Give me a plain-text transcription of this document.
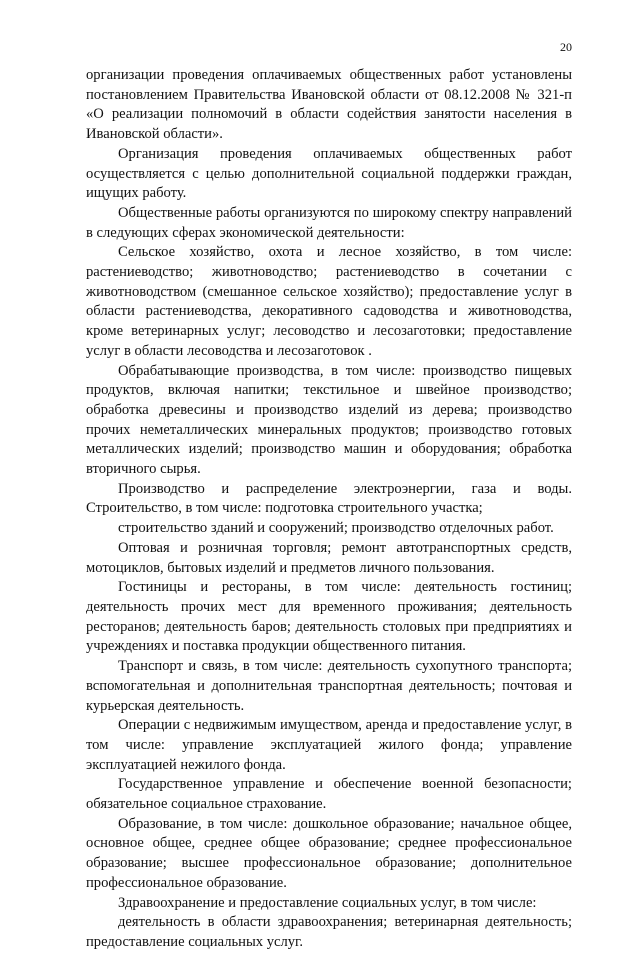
20

организации проведения оплачиваемых общественных работ установлены постановлением Правительства Ивановской области от 08.12.2008 № 321-п «О реализации полномочий в области содействия занятости населения в Ивановской области».

Организация проведения оплачиваемых общественных работ осуществляется с целью дополнительной социальной поддержки граждан, ищущих работу.

Общественные работы организуются по широкому спектру направлений в следующих сферах экономической деятельности:

Сельское хозяйство, охота и лесное хозяйство, в том числе: растениеводство; животноводство; растениеводство в сочетании с животноводством (смешанное сельское хозяйство); предоставление услуг в области растениеводства, декоративного садоводства и животноводства, кроме ветеринарных услуг; лесоводство и лесозаготовки; предоставление услуг в области лесоводства и лесозаготовок .

Обрабатывающие производства, в том числе: производство пищевых продуктов, включая напитки; текстильное и швейное производство; обработка древесины и производство изделий из дерева; производство прочих неметаллических минеральных продуктов; производство готовых металлических изделий; производство машин и оборудования; обработка вторичного сырья.

Производство и распределение электроэнергии, газа и воды. Строительство, в том числе: подготовка строительного участка;

строительство зданий и сооружений; производство отделочных работ.

Оптовая и розничная торговля; ремонт автотранспортных средств, мотоциклов, бытовых изделий и предметов личного пользования.

Гостиницы и рестораны, в том числе: деятельность гостиниц; деятельность прочих мест для временного проживания; деятельность ресторанов; деятельность баров; деятельность столовых при предприятиях и учреждениях и поставка продукции общественного питания.

Транспорт и связь, в том числе: деятельность сухопутного транспорта; вспомогательная и дополнительная транспортная деятельность; почтовая и курьерская деятельность.

Операции с недвижимым имуществом, аренда и предоставление услуг, в том числе: управление эксплуатацией жилого фонда; управление эксплуатацией нежилого фонда.

Государственное управление и обеспечение военной безопасности; обязательное социальное страхование.

Образование, в том числе: дошкольное образование; начальное общее, основное общее, среднее общее образование; среднее профессиональное образование; высшее профессиональное образование; дополнительное профессиональное образование.

Здравоохранение и предоставление социальных услуг, в том числе:

деятельность в области здравоохранения; ветеринарная деятельность; предоставление социальных услуг.
